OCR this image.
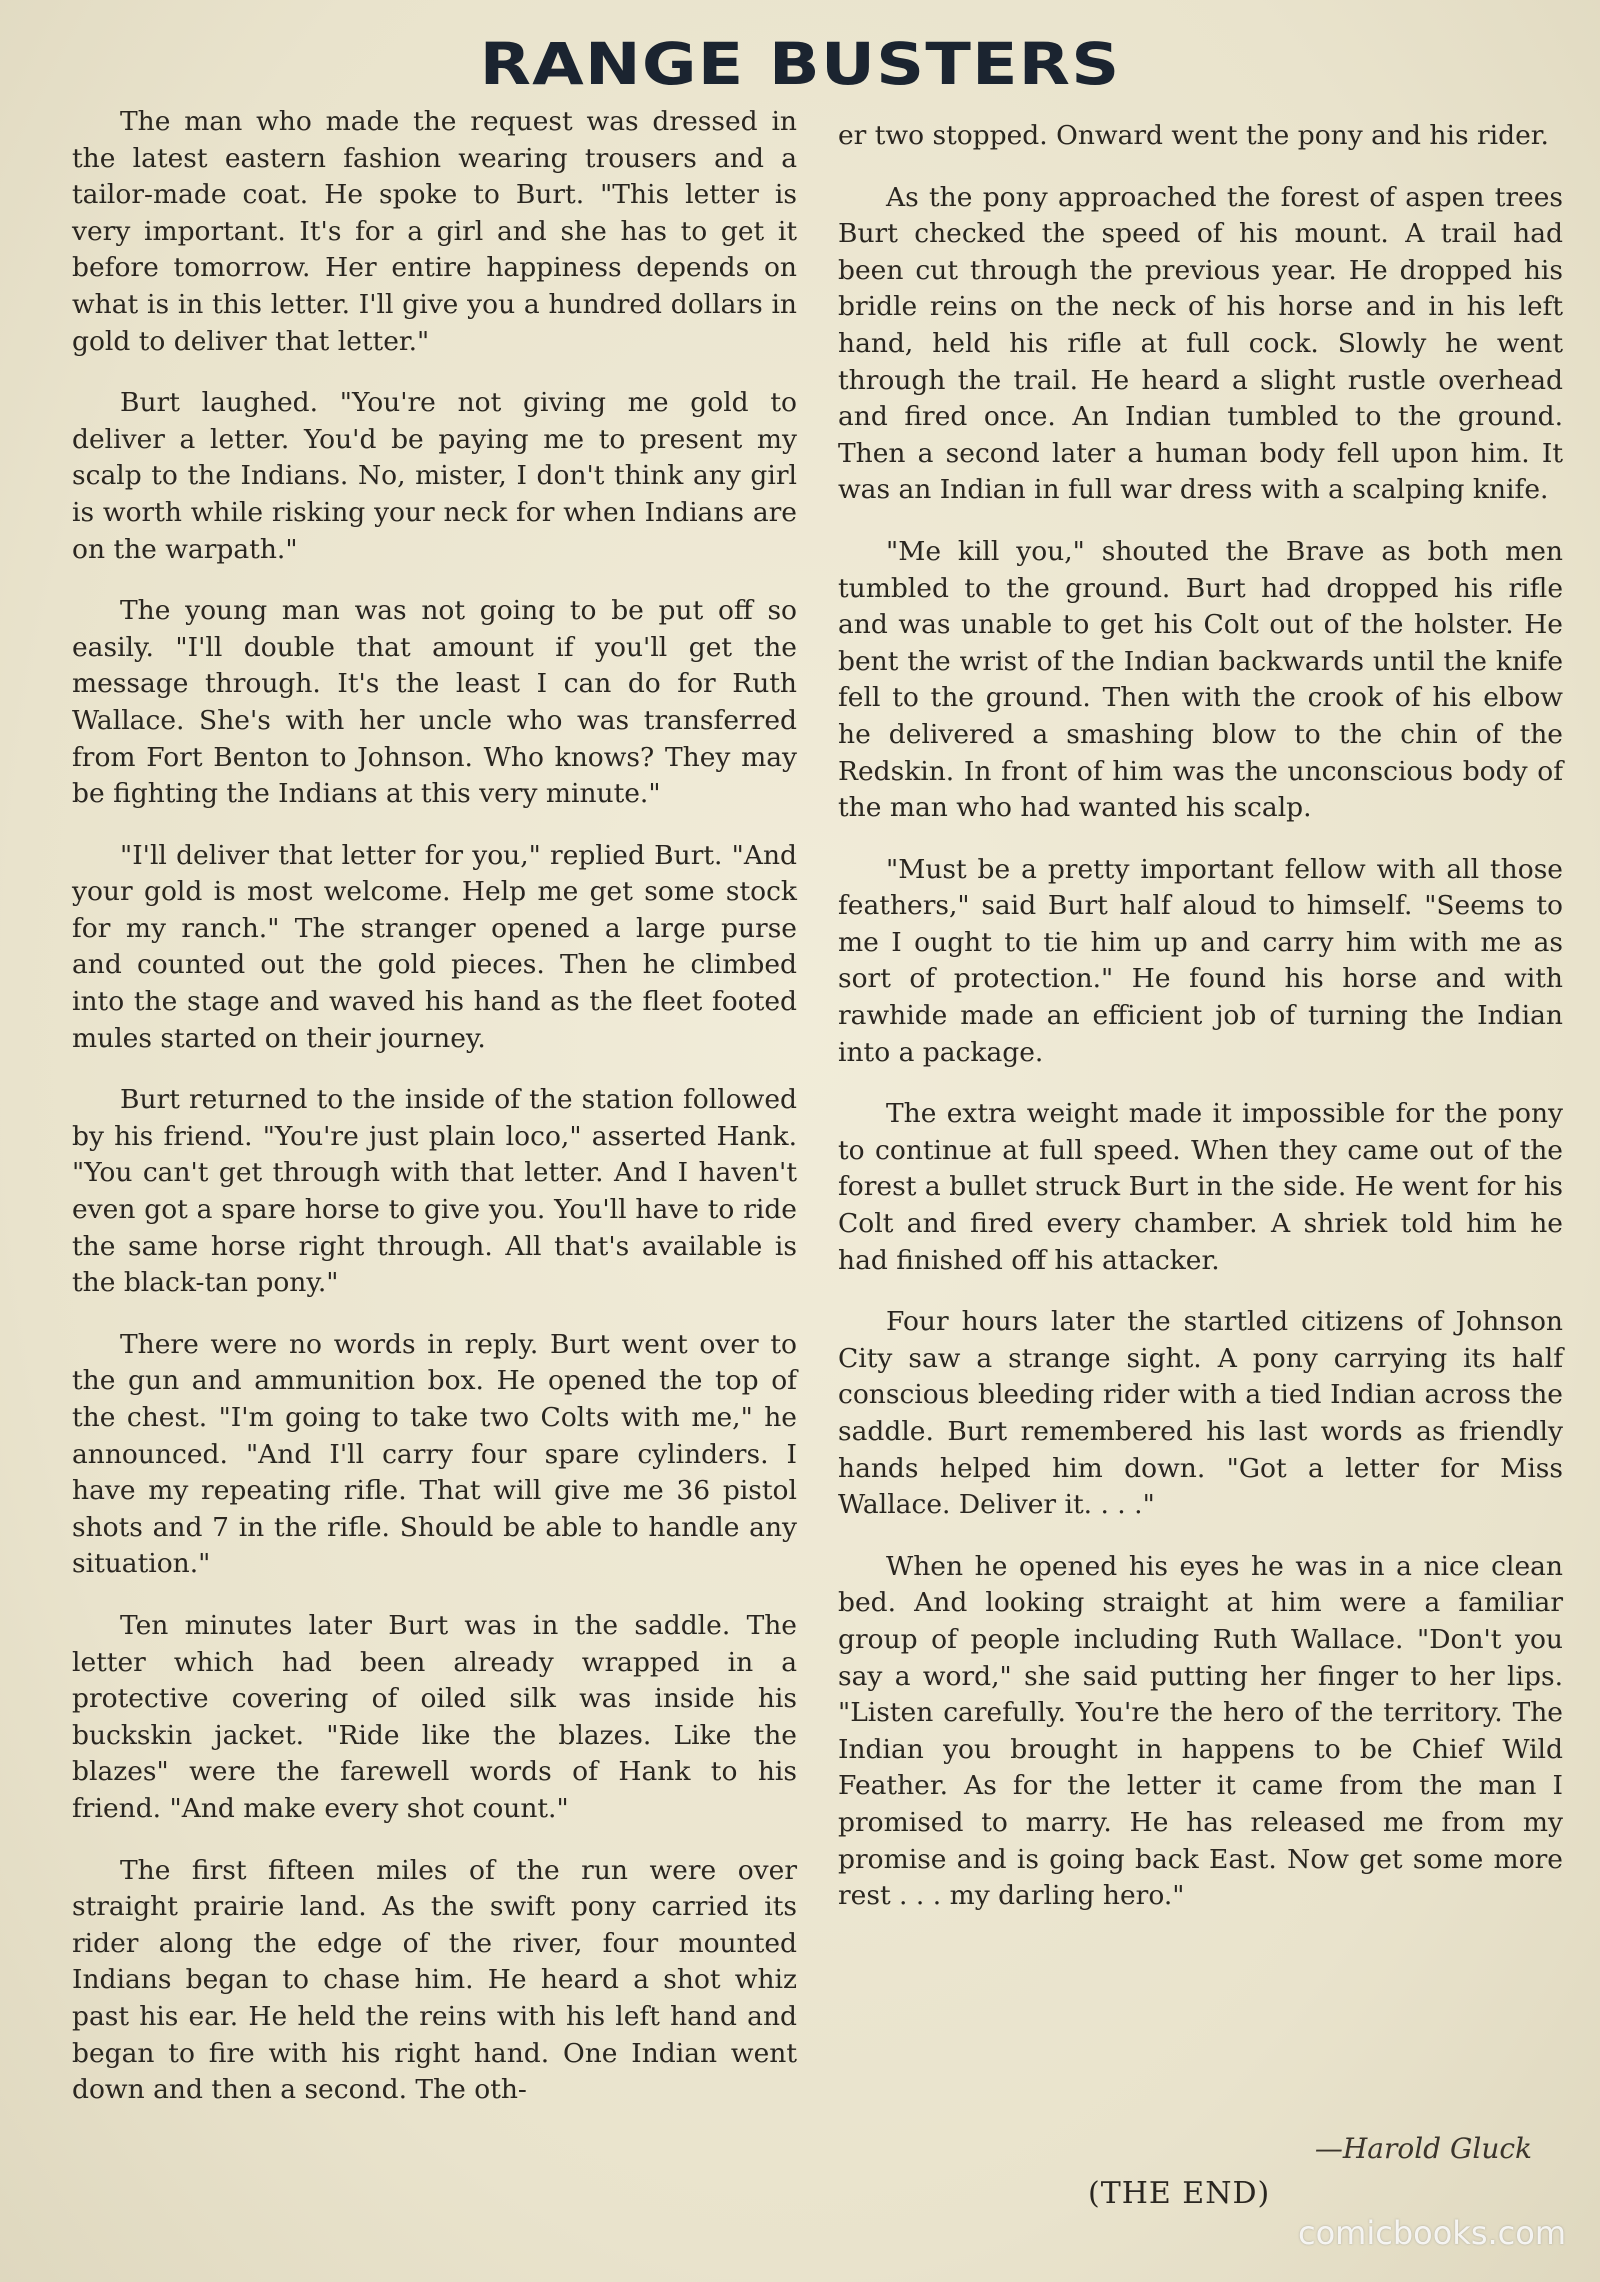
RANGE BUSTERS

The man who made the request was dressed in the latest eastern fashion wearing trousers and a tailor-made coat. He spoke to Burt. "This letter is very important. It's for a girl and she has to get it before tomorrow. Her entire happiness depends on what is in this letter. I'll give you a hundred dollars in gold to deliver that letter."

Burt laughed. "You're not giving me gold to deliver a letter. You'd be paying me to present my scalp to the Indians. No, mister, I don't think any girl is worth while risking your neck for when Indians are on the warpath."

The young man was not going to be put off so easily. "I'll double that amount if you'll get the message through. It's the least I can do for Ruth Wallace. She's with her uncle who was transferred from Fort Benton to Johnson. Who knows? They may be fighting the Indians at this very minute."

"I'll deliver that letter for you," replied Burt. "And your gold is most welcome. Help me get some stock for my ranch." The stranger opened a large purse and counted out the gold pieces. Then he climbed into the stage and waved his hand as the fleet footed mules started on their journey.

Burt returned to the inside of the station followed by his friend. "You're just plain loco," asserted Hank. "You can't get through with that letter. And I haven't even got a spare horse to give you. You'll have to ride the same horse right through. All that's available is the black-tan pony."

There were no words in reply. Burt went over to the gun and ammunition box. He opened the top of the chest. "I'm going to take two Colts with me," he announced. "And I'll carry four spare cylinders. I have my repeating rifle. That will give me 36 pistol shots and 7 in the rifle. Should be able to handle any situation."

Ten minutes later Burt was in the saddle. The letter which had been already wrapped in a protective covering of oiled silk was inside his buckskin jacket. "Ride like the blazes. Like the blazes" were the farewell words of Hank to his friend. "And make every shot count."

The first fifteen miles of the run were over straight prairie land. As the swift pony carried its rider along the edge of the river, four mounted Indians began to chase him. He heard a shot whiz past his ear. He held the reins with his left hand and began to fire with his right hand. One Indian went down and then a second. The oth-

er two stopped. Onward went the pony and his rider.

As the pony approached the forest of aspen trees Burt checked the speed of his mount. A trail had been cut through the previous year. He dropped his bridle reins on the neck of his horse and in his left hand, held his rifle at full cock. Slowly he went through the trail. He heard a slight rustle overhead and fired once. An Indian tumbled to the ground. Then a second later a human body fell upon him. It was an Indian in full war dress with a scalping knife.

"Me kill you," shouted the Brave as both men tumbled to the ground. Burt had dropped his rifle and was unable to get his Colt out of the holster. He bent the wrist of the Indian backwards until the knife fell to the ground. Then with the crook of his elbow he delivered a smashing blow to the chin of the Redskin. In front of him was the unconscious body of the man who had wanted his scalp.

"Must be a pretty important fellow with all those feathers," said Burt half aloud to himself. "Seems to me I ought to tie him up and carry him with me as sort of protection." He found his horse and with rawhide made an efficient job of turning the Indian into a package.

The extra weight made it impossible for the pony to continue at full speed. When they came out of the forest a bullet struck Burt in the side. He went for his Colt and fired every chamber. A shriek told him he had finished off his attacker.

Four hours later the startled citizens of Johnson City saw a strange sight. A pony carrying its half conscious bleeding rider with a tied Indian across the saddle. Burt remembered his last words as friendly hands helped him down. "Got a letter for Miss Wallace. Deliver it. . . ."

When he opened his eyes he was in a nice clean bed. And looking straight at him were a familiar group of people including Ruth Wallace. "Don't you say a word," she said putting her finger to her lips. "Listen carefully. You're the hero of the territory. The Indian you brought in happens to be Chief Wild Feather. As for the letter it came from the man I promised to marry. He has released me from my promise and is going back East. Now get some more rest . . . my darling hero."

—Harold Gluck
(THE END)
comicbooks.com
